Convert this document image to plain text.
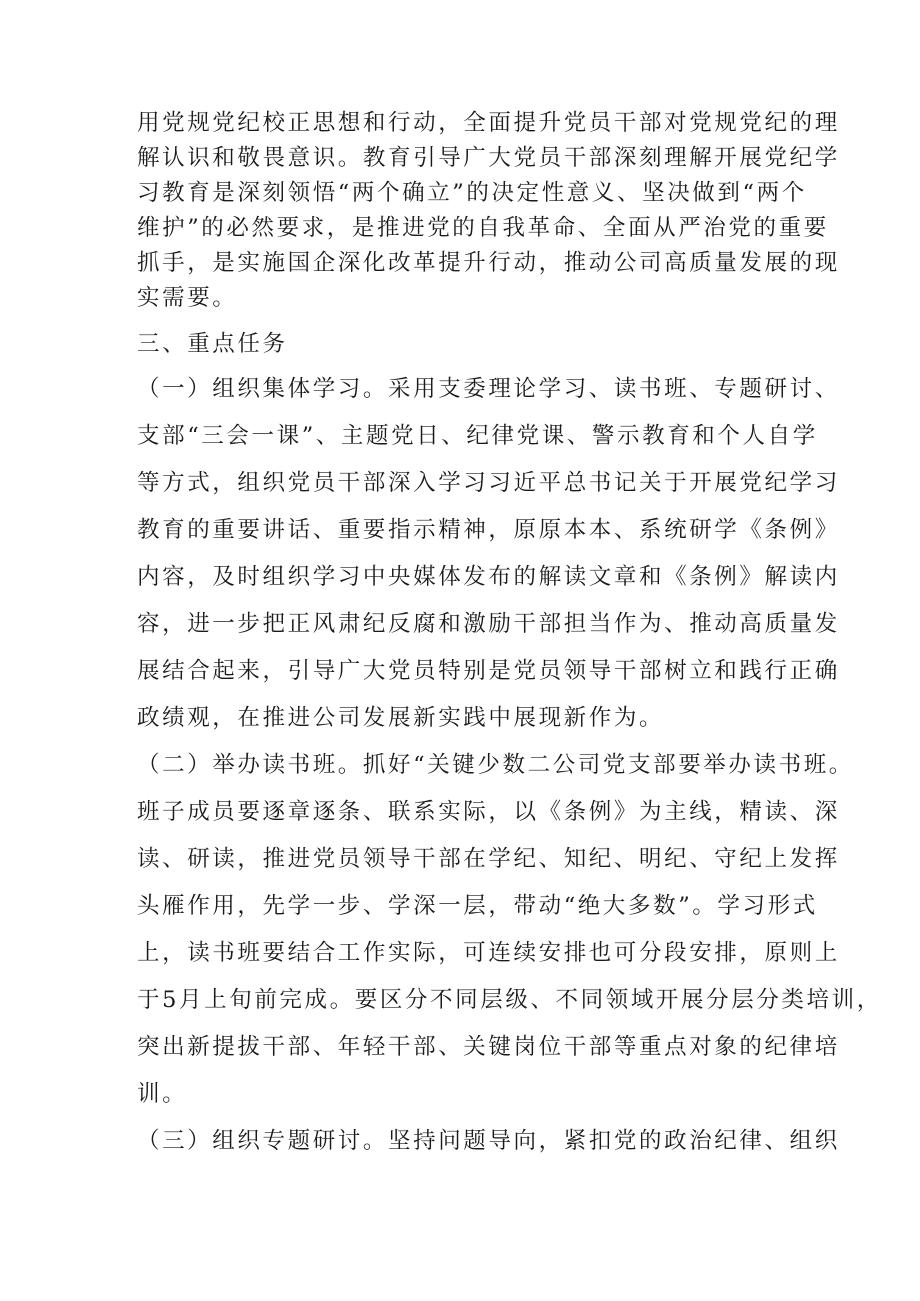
用党规党纪校正思想和行动，全面提升党员干部对党规党纪的理
解认识和敬畏意识。教育引导广大党员干部深刻理解开展党纪学
习教育是深刻领悟“两个确立”的决定性意义、坚决做到“两个
维护”的必然要求，是推进党的自我革命、全面从严治党的重要
抓手，是实施国企深化改革提升行动，推动公司高质量发展的现
实需要。
三、重点任务
（一）组织集体学习。采用支委理论学习、读书班、专题研讨、
支部“三会一课”、主题党日、纪律党课、警示教育和个人自学
等方式，组织党员干部深入学习习近平总书记关于开展党纪学习
教育的重要讲话、重要指示精神，原原本本、系统研学《条例》
内容，及时组织学习中央媒体发布的解读文章和《条例》解读内
容，进一步把正风肃纪反腐和激励干部担当作为、推动高质量发
展结合起来，引导广大党员特别是党员领导干部树立和践行正确
政绩观，在推进公司发展新实践中展现新作为。
（二）举办读书班。抓好“关键少数二公司党支部要举办读书班。
班子成员要逐章逐条、联系实际，以《条例》为主线，精读、深
读、研读，推进党员领导干部在学纪、知纪、明纪、守纪上发挥
头雁作用，先学一步、学深一层，带动“绝大多数”。学习形式
上，读书班要结合工作实际，可连续安排也可分段安排，原则上
于5月上旬前完成。要区分不同层级、不同领域开展分层分类培训，
突出新提拔干部、年轻干部、关键岗位干部等重点对象的纪律培
训。
（三）组织专题研讨。坚持问题导向，紧扣党的政治纪律、组织
